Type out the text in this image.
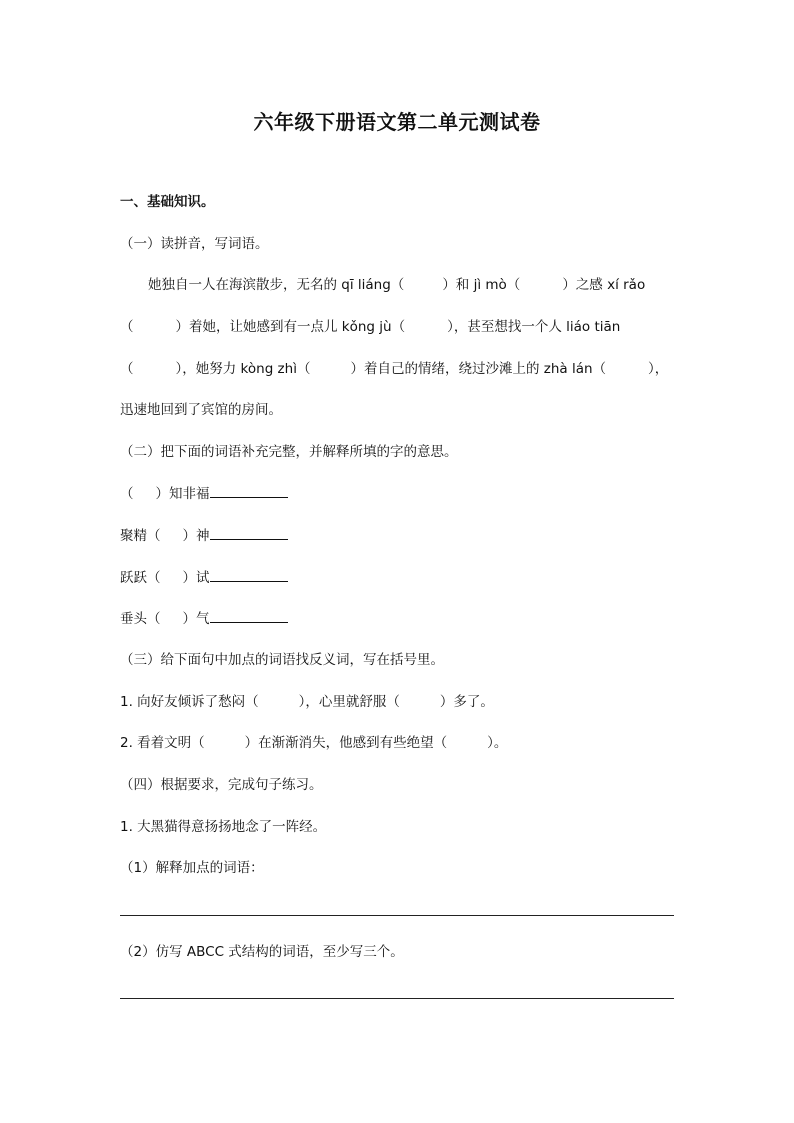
六年级下册语文第二单元测试卷
一、基础知识。
（一）读拼音，写词语。
她独自一人在海滨散步，无名的 qī liáng（	）和 jì mò（	）之感 xí rǎo
（	）着她，让她感到有一点儿 kǒng jù（	），甚至想找一个人 liáo tiān
（	），她努力 kòng zhì（	）着自己的情绪，绕过沙滩上的 zhà lán（	），
迅速地回到了宾馆的房间。
（二）把下面的词语补充完整，并解释所填的字的意思。
（ ）知非福
聚精（ ）神
跃跃（ ）试
垂头（ ）气
（三）给下面句中加点的词语找反义词，写在括号里。
1. 向好友倾诉了愁闷（	），心里就舒服（	）多了。
2. 看着文明（	）在渐渐消失，他感到有些绝望（	）。
（四）根据要求，完成句子练习。
1. 大黑猫得意扬扬地念了一阵经。
（1）解释加点的词语：
（2）仿写 ABCC 式结构的词语，至少写三个。
